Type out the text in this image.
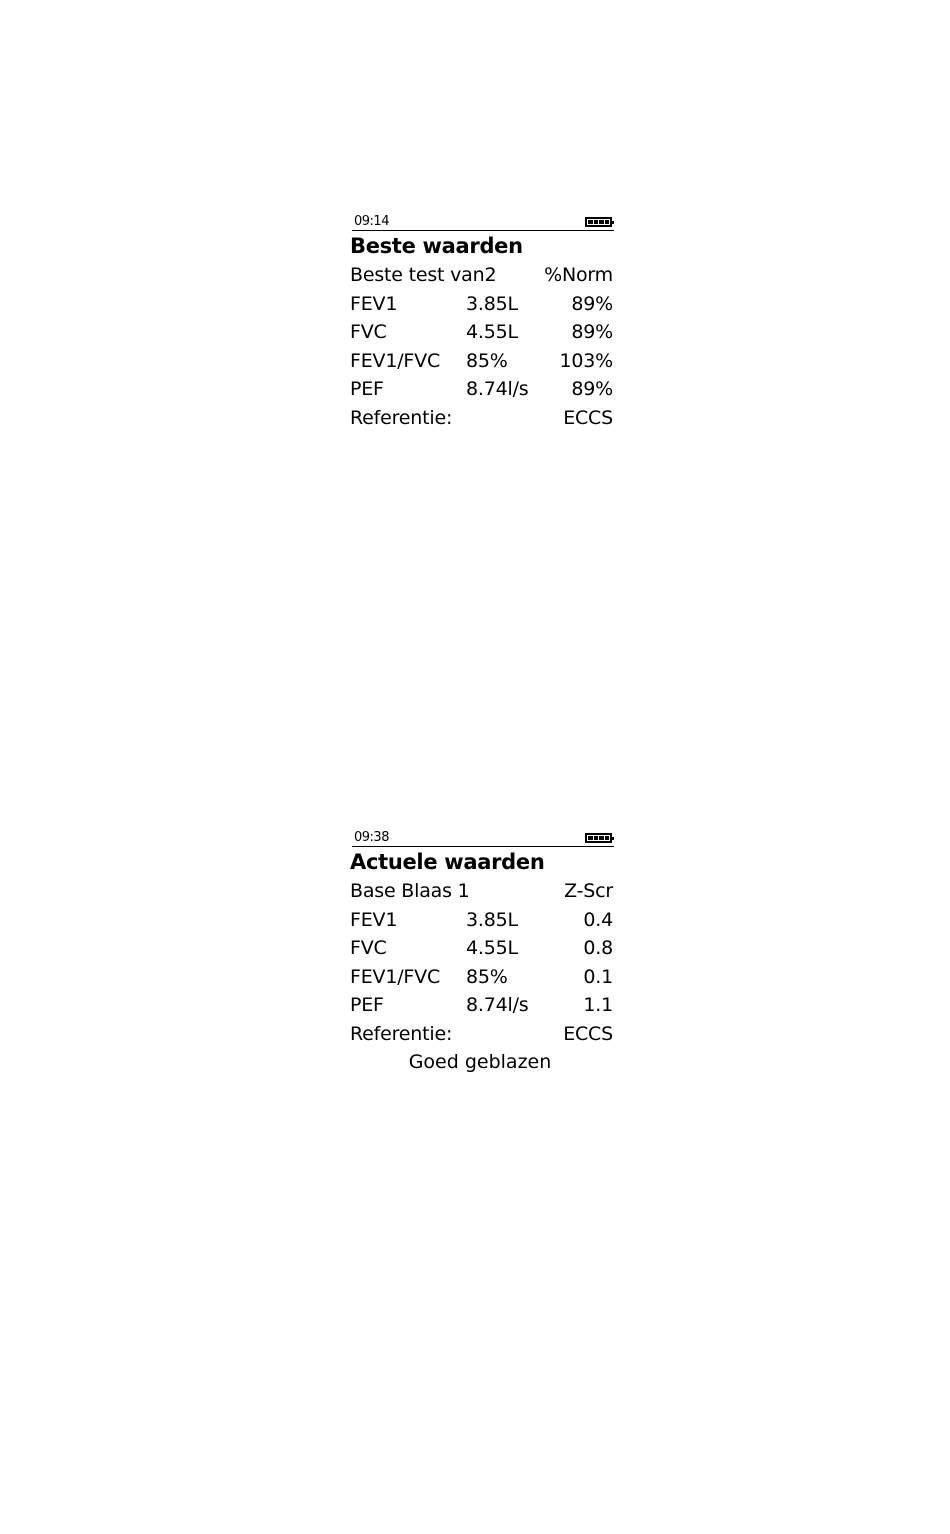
09:14
Beste waarden
Beste test van2	%Norm
FEV1	3.85L	89%
FVC	4.55L	89%
FEV1/FVC 85%	103%
PEF	8.74l/s 89%
Referentie:	ECCS
09:38
Actuele waarden
Base Blaas 1	Z-Scr
FEV1	3.85L	0.4
FVC	4.55L	0.8
FEV1/FVC 85%	0.1
PEF	8.74l/s	1.1
Referentie:	ECCS
Goed geblazen
